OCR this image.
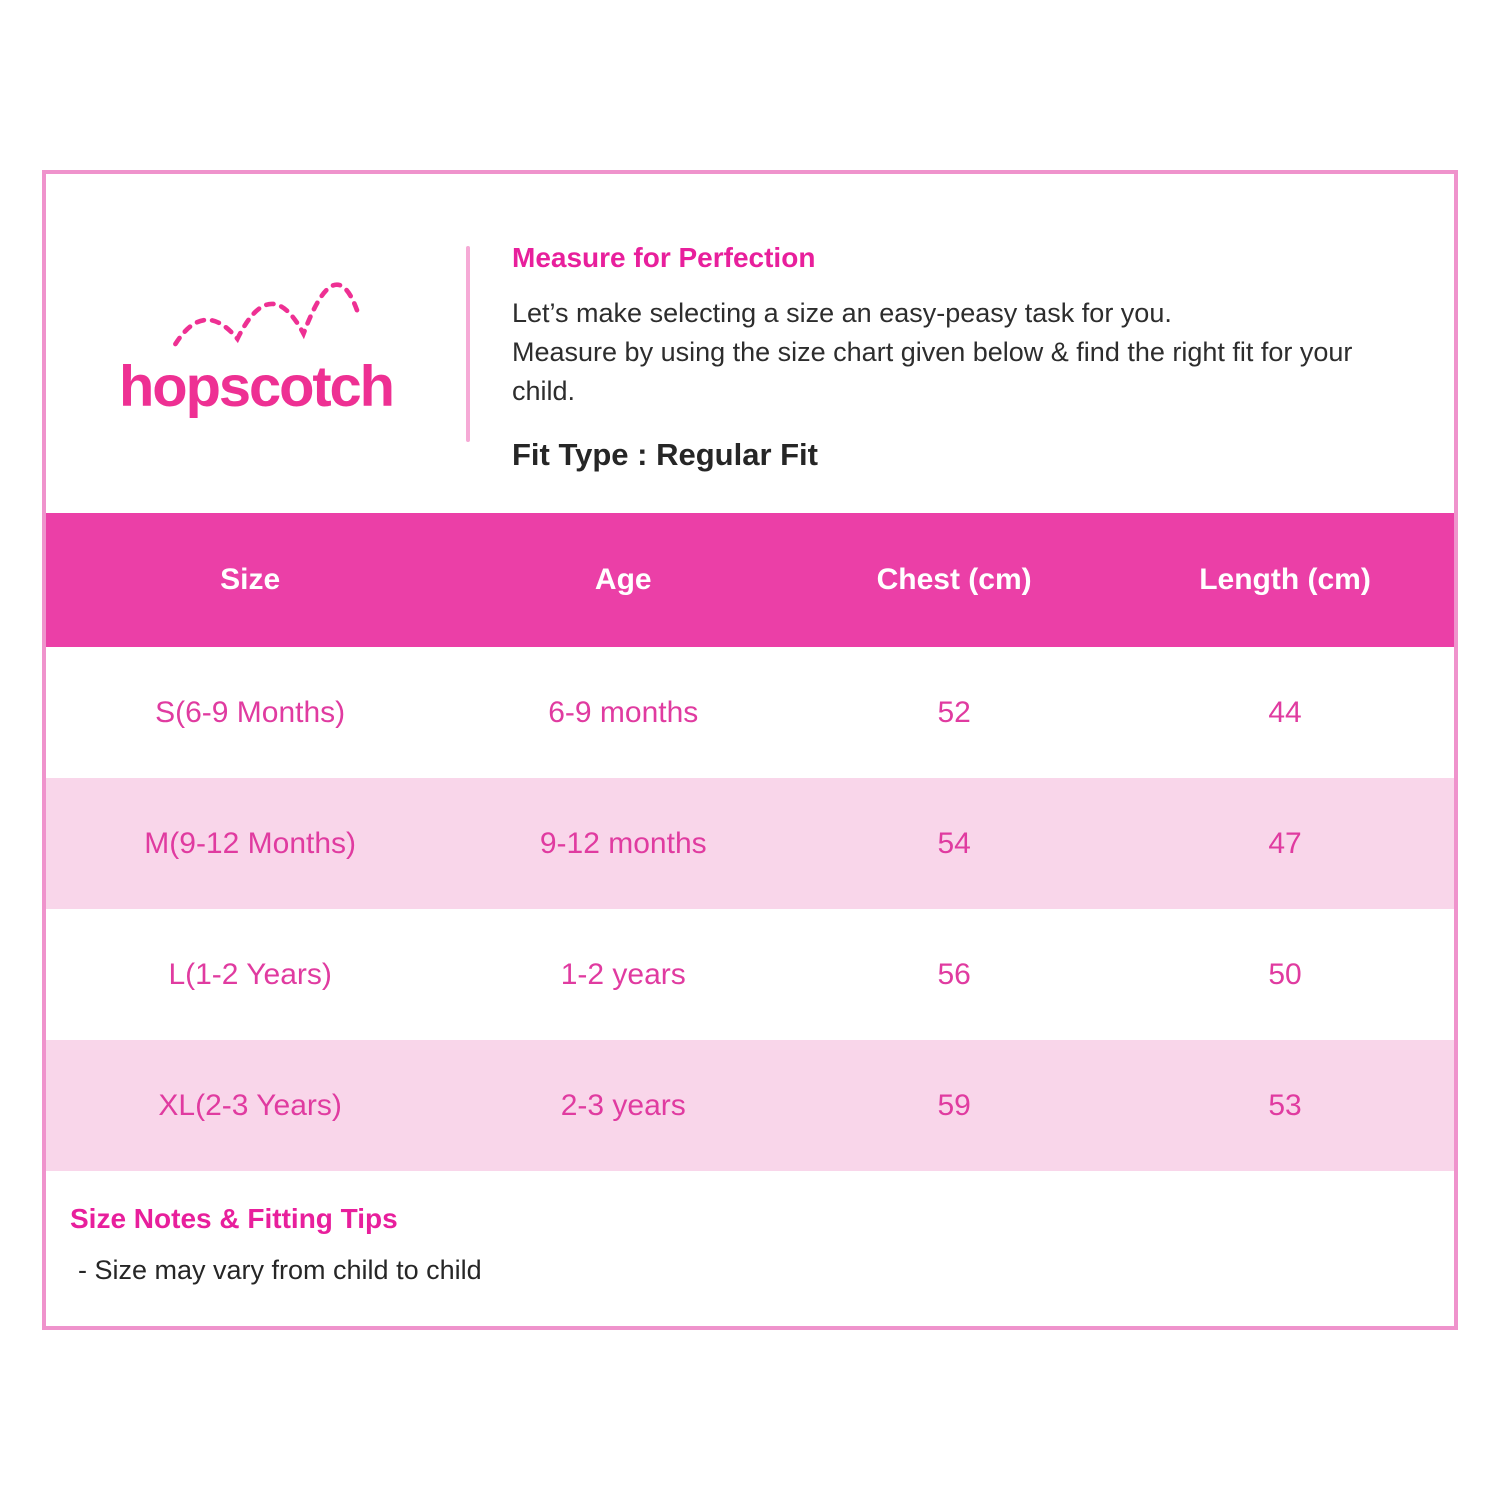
hopscotch
Measure for Perfection

Let’s make selecting a size an easy-peasy task for you.

Measure by using the size chart given below & find the right fit for your child.

Fit Type : Regular Fit

Size	Age	Chest (cm)	Length (cm)
S(6-9 Months)	6-9 months	52	44
M(9-12 Months)	9-12 months	54	47
L(1-2 Years)	1-2 years	56	50
XL(2-3 Years)	2-3 years	59	53
Size Notes & Fitting Tips

- Size may vary from child to child
